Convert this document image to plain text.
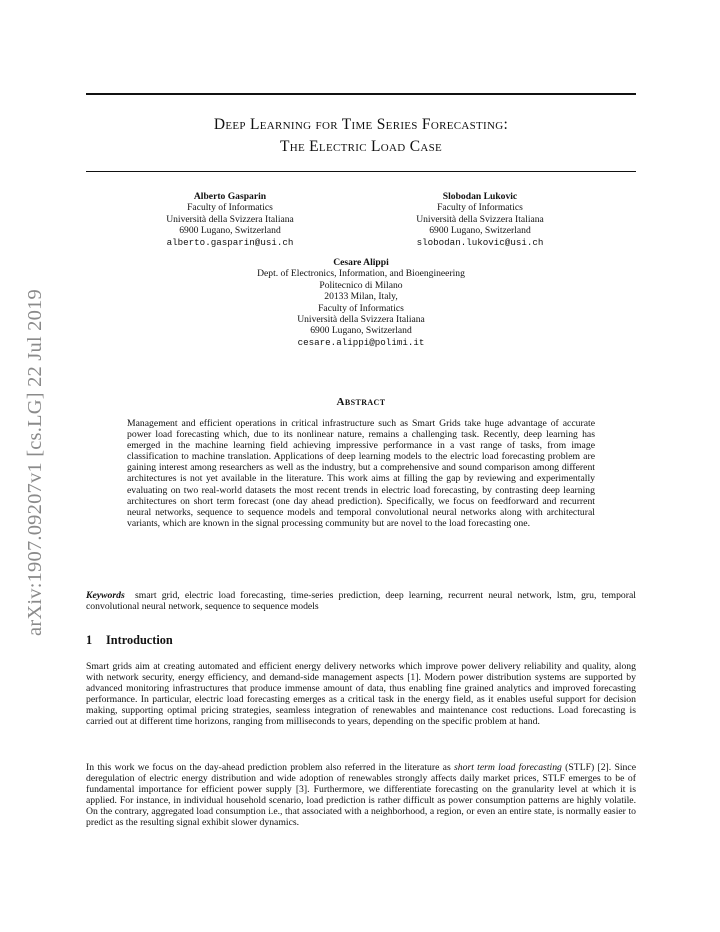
arXiv:1907.09207v1 [cs.LG] 22 Jul 2019
Deep Learning for Time Series Forecasting:
The Electric Load Case
Alberto Gasparin
Faculty of Informatics
Università della Svizzera Italiana
6900 Lugano, Switzerland
alberto.gasparin@usi.ch
Slobodan Lukovic
Faculty of Informatics
Università della Svizzera Italiana
6900 Lugano, Switzerland
slobodan.lukovic@usi.ch
Cesare Alippi
Dept. of Electronics, Information, and Bioengineering
Politecnico di Milano
20133 Milan, Italy,
Faculty of Informatics
Università della Svizzera Italiana
6900 Lugano, Switzerland
cesare.alippi@polimi.it
Abstract
Management and efficient operations in critical infrastructure such as Smart Grids take huge advantage of accurate power load forecasting which, due to its nonlinear nature, remains a challenging task. Recently, deep learning has emerged in the machine learning field achieving impressive performance in a vast range of tasks, from image classification to machine translation. Applications of deep learning models to the electric load forecasting problem are gaining interest among researchers as well as the industry, but a comprehensive and sound comparison among different architectures is not yet available in the literature. This work aims at filling the gap by reviewing and experimentally evaluating on two real-world datasets the most recent trends in electric load forecasting, by contrasting deep learning architectures on short term forecast (one day ahead prediction). Specifically, we focus on feedforward and recurrent neural networks, sequence to sequence models and temporal convolutional neural networks along with architectural variants, which are known in the signal processing community but are novel to the load forecasting one.
Keywords smart grid, electric load forecasting, time-series prediction, deep learning, recurrent neural network, lstm, gru, temporal convolutional neural network, sequence to sequence models
1 Introduction
Smart grids aim at creating automated and efficient energy delivery networks which improve power delivery reliability and quality, along with network security, energy efficiency, and demand-side management aspects [1]. Modern power distribution systems are supported by advanced monitoring infrastructures that produce immense amount of data, thus enabling fine grained analytics and improved forecasting performance. In particular, electric load forecasting emerges as a critical task in the energy field, as it enables useful support for decision making, supporting optimal pricing strategies, seamless integration of renewables and maintenance cost reductions. Load forecasting is carried out at different time horizons, ranging from milliseconds to years, depending on the specific problem at hand.
In this work we focus on the day-ahead prediction problem also referred in the literature as short term load forecasting (STLF) [2]. Since deregulation of electric energy distribution and wide adoption of renewables strongly affects daily market prices, STLF emerges to be of fundamental importance for efficient power supply [3]. Furthermore, we differentiate forecasting on the granularity level at which it is applied. For instance, in individual household scenario, load prediction is rather difficult as power consumption patterns are highly volatile. On the contrary, aggregated load consumption i.e., that associated with a neighborhood, a region, or even an entire state, is normally easier to predict as the resulting signal exhibit slower dynamics.
